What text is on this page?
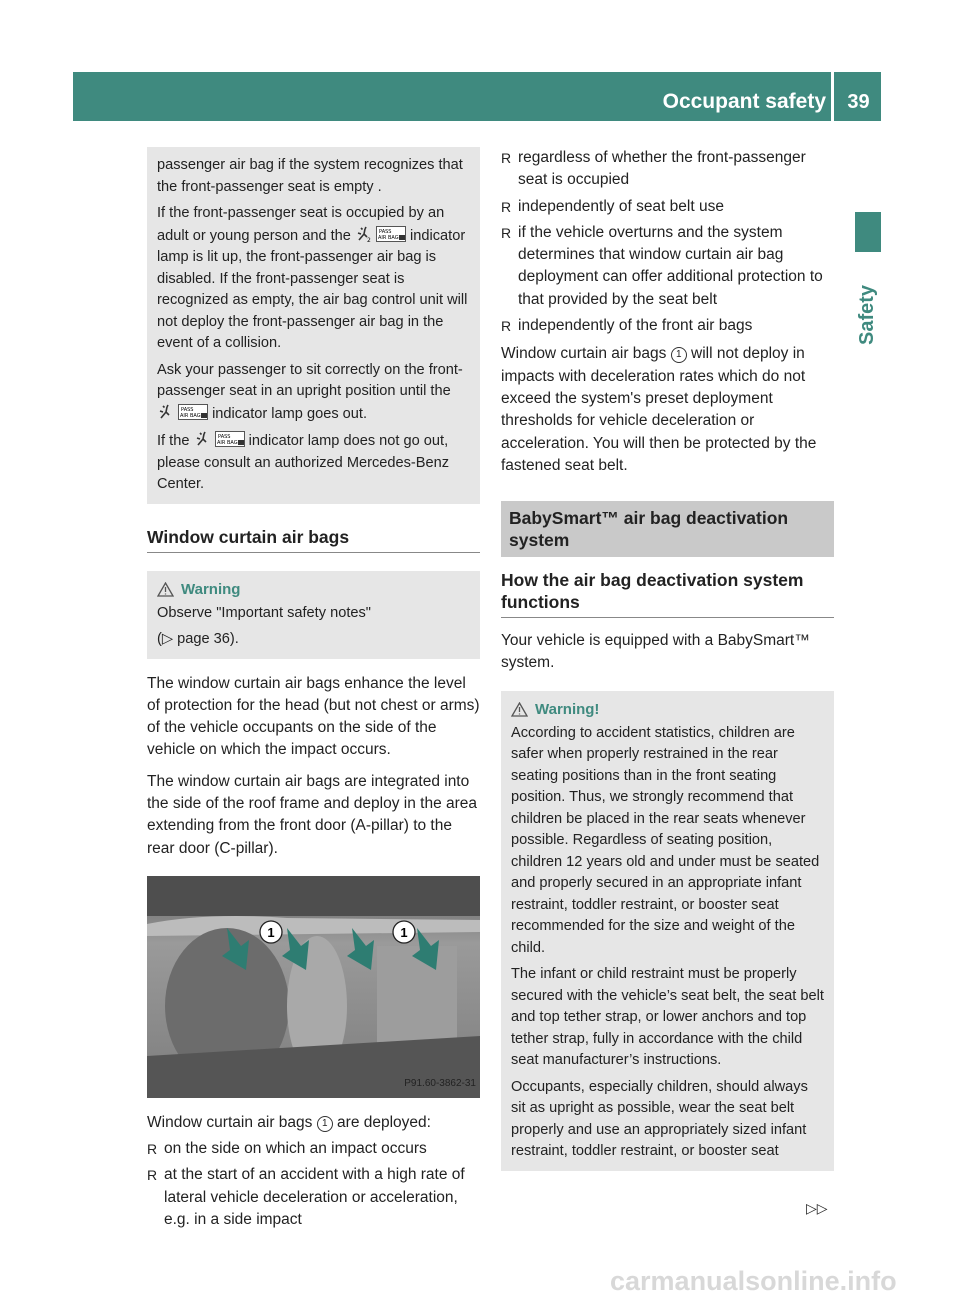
Occupant safety	39
Safety

passenger air bag if the system recognizes that the front-passenger seat is empty .

If the front-passenger seat is occupied by an adult or young person and the	2
PASS
AIR BAG indicator lamp is lit up, the front-passenger air bag is disabled. If the front-passenger seat is recognized as empty, the air bag control unit will not deploy the front-passenger air bag in the event of a collision.

Ask your passenger to sit correctly on the front-passenger seat in an upright position until the
PASS
AIR BAG indicator lamp goes out.

If the	PASS
AIR BAG indicator lamp does not go out, please consult an authorized Mercedes-Benz Center.

Window curtain air bags
Warning

Observe "Important safety notes"

(▷ page 36).

The window curtain air bags enhance the level of protection for the head (but not chest or arms) of the vehicle occupants on the side of the vehicle on which the impact occurs.

The window curtain air bags are integrated into the side of the roof frame and deploy in the area extending from the front door (A-pillar) to the rear door (C-pillar).

1	1
P91.60-3862-31

Window curtain air bags 1 are deployed:

R on the side on which an impact occurs
R at the start of an accident with a high rate of lateral vehicle deceleration or acceleration, e.g. in a side impact
R regardless of whether the front-passenger seat is occupied
R independently of seat belt use
R if the vehicle overturns and the system determines that window curtain air bag deployment can offer additional protection to that provided by the seat belt
R independently of the front air bags

Window curtain air bags 1 will not deploy in impacts with deceleration rates which do not exceed the system's preset deployment thresholds for vehicle deceleration or acceleration. You will then be protected by the fastened seat belt.

BabySmart™ air bag deactivation system
How the air bag deactivation system functions

Your vehicle is equipped with a BabySmart™ system.

Warning!

According to accident statistics, children are safer when properly restrained in the rear seating positions than in the front seating position. Thus, we strongly recommend that children be placed in the rear seats whenever possible. Regardless of seating position, children 12 years old and under must be seated and properly secured in an appropriate infant restraint, toddler restraint, or booster seat recommended for the size and weight of the child.

The infant or child restraint must be properly secured with the vehicle’s seat belt, the seat belt and top tether strap, or lower anchors and top tether strap, fully in accordance with the child seat manufacturer’s instructions.

Occupants, especially children, should always sit as upright as possible, wear the seat belt properly and use an appropriately sized infant restraint, toddler restraint, or booster seat

▷▷
carmanualsonline.info
